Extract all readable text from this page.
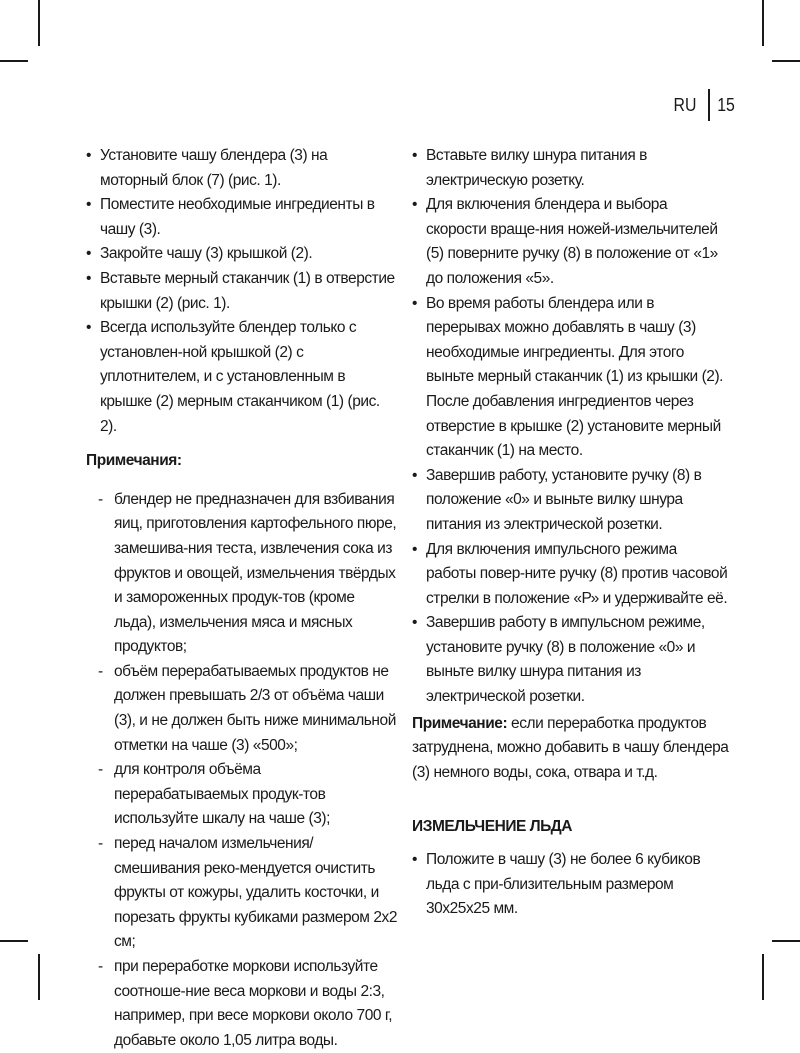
RU 15
• Установите чашу блендера (3) на моторный блок (7) (рис. 1).
• Поместите необходимые ингредиенты в чашу (3).
• Закройте чашу (3) крышкой (2).
• Вставьте мерный стаканчик (1) в отверстие крышки (2) (рис. 1).
• Всегда используйте блендер только с установлен-ной крышкой (2) с уплотнителем, и с установленным в крышке (2) мерным стаканчиком (1) (рис. 2).
Примечания:
- блендер не предназначен для взбивания яиц, приготовления картофельного пюре, замешива-ния теста, извлечения сока из фруктов и овощей, измельчения твёрдых и замороженных продук-тов (кроме льда), измельчения мяса и мясных продуктов;
- объём перерабатываемых продуктов не должен превышать 2/3 от объёма чаши (3), и не должен быть ниже минимальной отметки на чаше (3) «500»;
- для контроля объёма перерабатываемых продук-тов используйте шкалу на чаше (3);
- перед началом измельчения/смешивания реко-мендуется очистить фрукты от кожуры, удалить косточки, и порезать фрукты кубиками размером 2х2 см;
- при переработке моркови используйте соотноше-ние веса моркови и воды 2:3, например, при весе моркови около 700 г, добавьте около 1,05 литра воды.
• Вставьте вилку шнура питания в электрическую розетку.
• Для включения блендера и выбора скорости враще-ния ножей-измельчителей (5) поверните ручку (8) в положение от «1» до положения «5».
• Во время работы блендера или в перерывах можно добавлять в чашу (3) необходимые ингредиенты. Для этого выньте мерный стаканчик (1) из крышки (2). После добавления ингредиентов через отверстие в крышке (2) установите мерный стаканчик (1) на место.
• Завершив работу, установите ручку (8) в положение «0» и выньте вилку шнура питания из электрической розетки.
• Для включения импульсного режима работы повер-ните ручку (8) против часовой стрелки в положение «Р» и удерживайте её.
• Завершив работу в импульсном режиме, установите ручку (8) в положение «0» и выньте вилку шнура питания из электрической розетки.
Примечание: если переработка продуктов затруднена, можно добавить в чашу блендера (3) немного воды, сока, отвара и т.д.
ИЗМЕЛЬЧЕНИЕ ЛЬДА
• Положите в чашу (3) не более 6 кубиков льда с при-близительным размером 30х25х25 мм.
